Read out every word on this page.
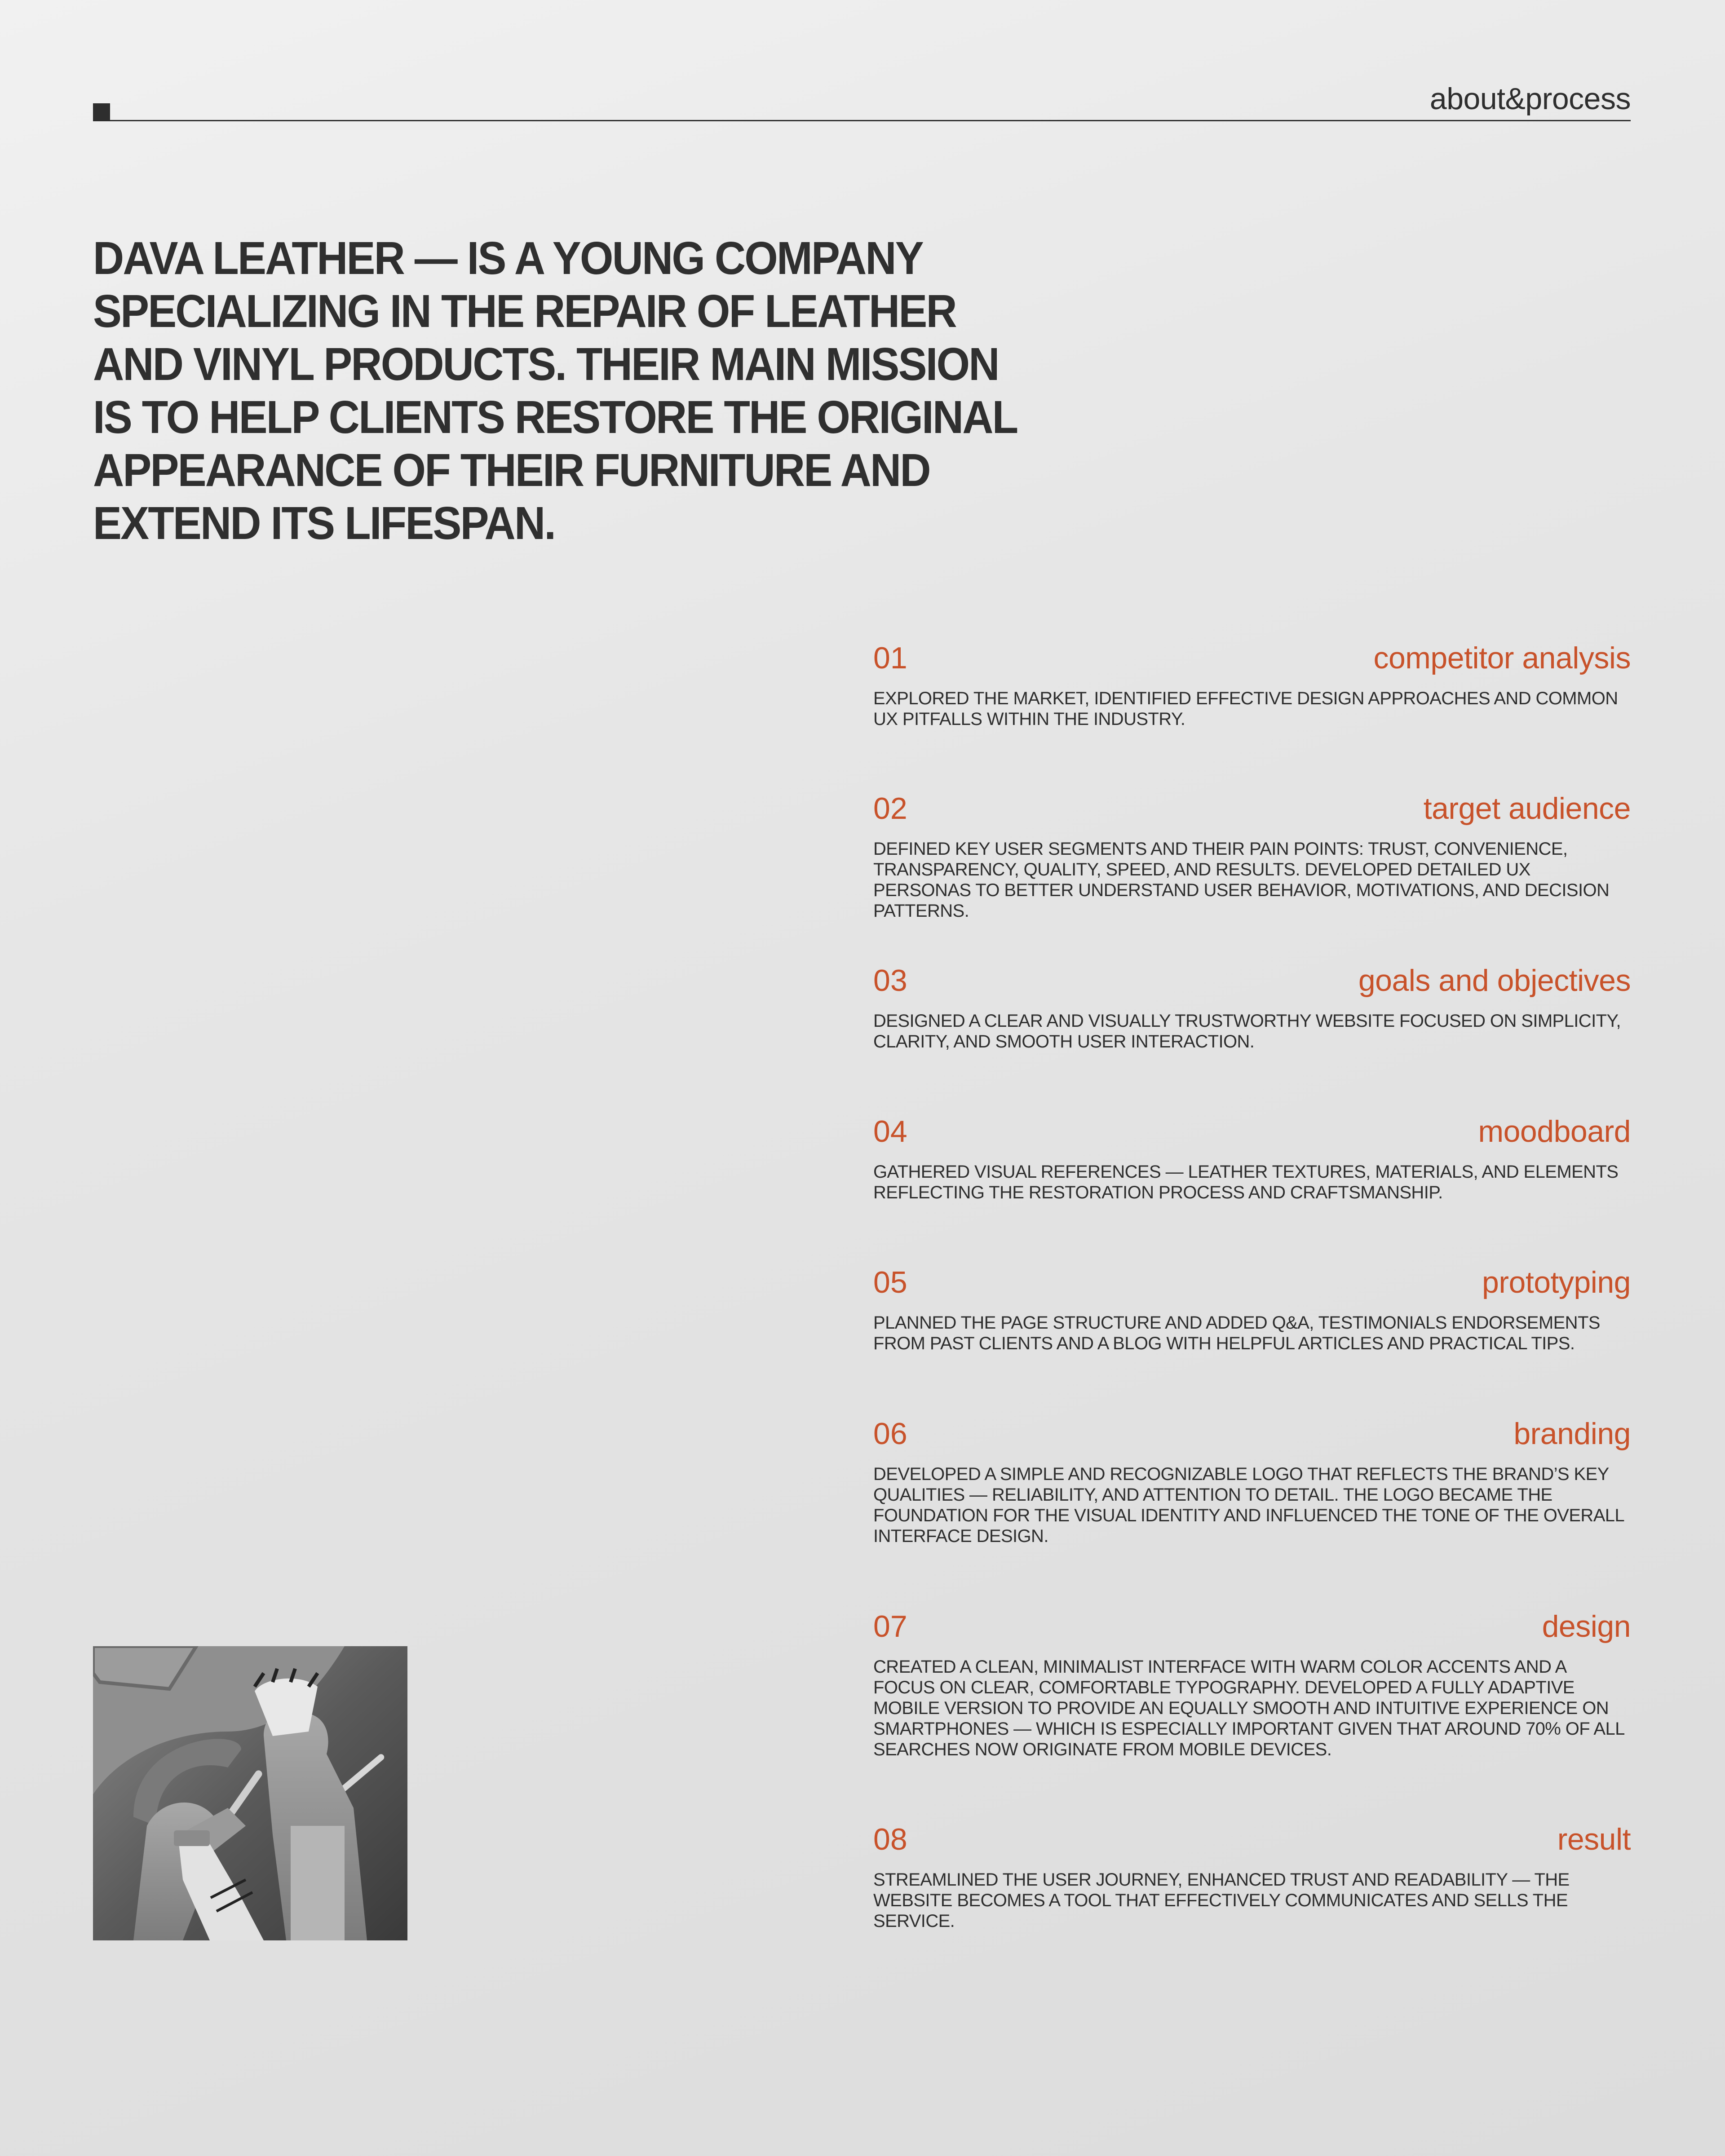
about&process
DAVA LEATHER — IS A YOUNG COMPANY SPECIALIZING IN THE REPAIR OF LEATHER AND VINYL PRODUCTS. THEIR MAIN MISSION IS TO HELP CLIENTS RESTORE THE ORIGINAL APPEARANCE OF THEIR FURNITURE AND EXTEND ITS LIFESPAN.
01	competitor analysis

EXPLORED THE MARKET, IDENTIFIED EFFECTIVE DESIGN APPROACHES AND COMMON UX PITFALLS WITHIN THE INDUSTRY.

02	target audience

DEFINED KEY USER SEGMENTS AND THEIR PAIN POINTS: TRUST, CONVENIENCE, TRANSPARENCY, QUALITY, SPEED, AND RESULTS. DEVELOPED DETAILED UX PERSONAS TO BETTER UNDERSTAND USER BEHAVIOR, MOTIVATIONS, AND DECISION PATTERNS.

03	goals and objectives

DESIGNED A CLEAR AND VISUALLY TRUSTWORTHY WEBSITE FOCUSED ON SIMPLICITY, CLARITY, AND SMOOTH USER INTERACTION.

04	moodboard

GATHERED VISUAL REFERENCES — LEATHER TEXTURES, MATERIALS, AND ELEMENTS REFLECTING THE RESTORATION PROCESS AND CRAFTSMANSHIP.

05	prototyping

PLANNED THE PAGE STRUCTURE AND ADDED Q&A, TESTIMONIALS ENDORSEMENTS FROM PAST CLIENTS AND A BLOG WITH HELPFUL ARTICLES AND PRACTICAL TIPS.

06	branding

DEVELOPED A SIMPLE AND RECOGNIZABLE LOGO THAT REFLECTS THE BRAND’S KEY QUALITIES — RELIABILITY, AND ATTENTION TO DETAIL. THE LOGO BECAME THE FOUNDATION FOR THE VISUAL IDENTITY AND INFLUENCED THE TONE OF THE OVERALL INTERFACE DESIGN.

07	design

CREATED A CLEAN, MINIMALIST INTERFACE WITH WARM COLOR ACCENTS AND A FOCUS ON CLEAR, COMFORTABLE TYPOGRAPHY. DEVELOPED A FULLY ADAPTIVE MOBILE VERSION TO PROVIDE AN EQUALLY SMOOTH AND INTUITIVE EXPERIENCE ON SMARTPHONES — WHICH IS ESPECIALLY IMPORTANT GIVEN THAT AROUND 70% OF ALL SEARCHES NOW ORIGINATE FROM MOBILE DEVICES.

08	result

STREAMLINED THE USER JOURNEY, ENHANCED TRUST AND READABILITY — THE WEBSITE BECOMES A TOOL THAT EFFECTIVELY COMMUNICATES AND SELLS THE SERVICE.
